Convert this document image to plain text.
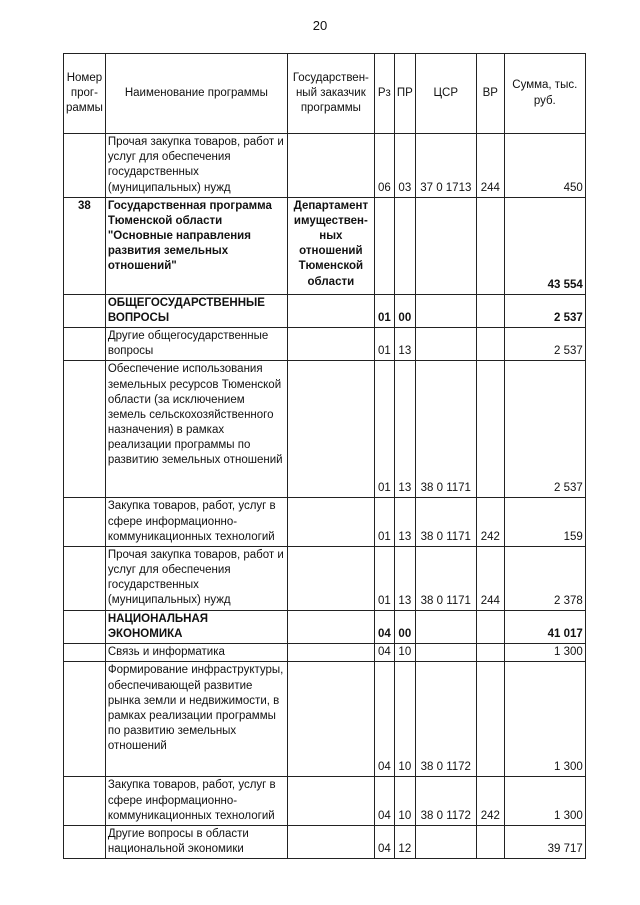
20
Номер прог- раммы	Наименование программы	Государствен- ный заказчик программы	Рз	ПР	ЦСР	ВР	Сумма, тыс. руб.
	Прочая закупка товаров, работ и услуг для обеспечения государственных (муниципальных) нужд		06	03	37 0 1713	244	450
38	Государственная программа Тюменской области "Основные направления развития земельных отношений"	Департамент имуществен- ных отношений Тюменской области					43 554
	ОБЩЕГОСУДАРСТВЕННЫЕ ВОПРОСЫ		01	00			2 537
	Другие общегосударственные вопросы		01	13			2 537
	Обеспечение использования земельных ресурсов Тюменской области (за исключением земель сельскохозяйственного назначения) в рамках реализации программы по развитию земельных отношений		01	13	38 0 1171		2 537
	Закупка товаров, работ, услуг в сфере информационно- коммуникационных технологий		01	13	38 0 1171	242	159
	Прочая закупка товаров, работ и услуг для обеспечения государственных (муниципальных) нужд		01	13	38 0 1171	244	2 378
	НАЦИОНАЛЬНАЯ ЭКОНОМИКА		04	00			41 017
	Связь и информатика		04	10			1 300
	Формирование инфраструктуры, обеспечивающей развитие рынка земли и недвижимости, в рамках реализации программы по развитию земельных отношений		04	10	38 0 1172		1 300
	Закупка товаров, работ, услуг в сфере информационно- коммуникационных технологий		04	10	38 0 1172	242	1 300
	Другие вопросы в области национальной экономики		04	12			39 717
